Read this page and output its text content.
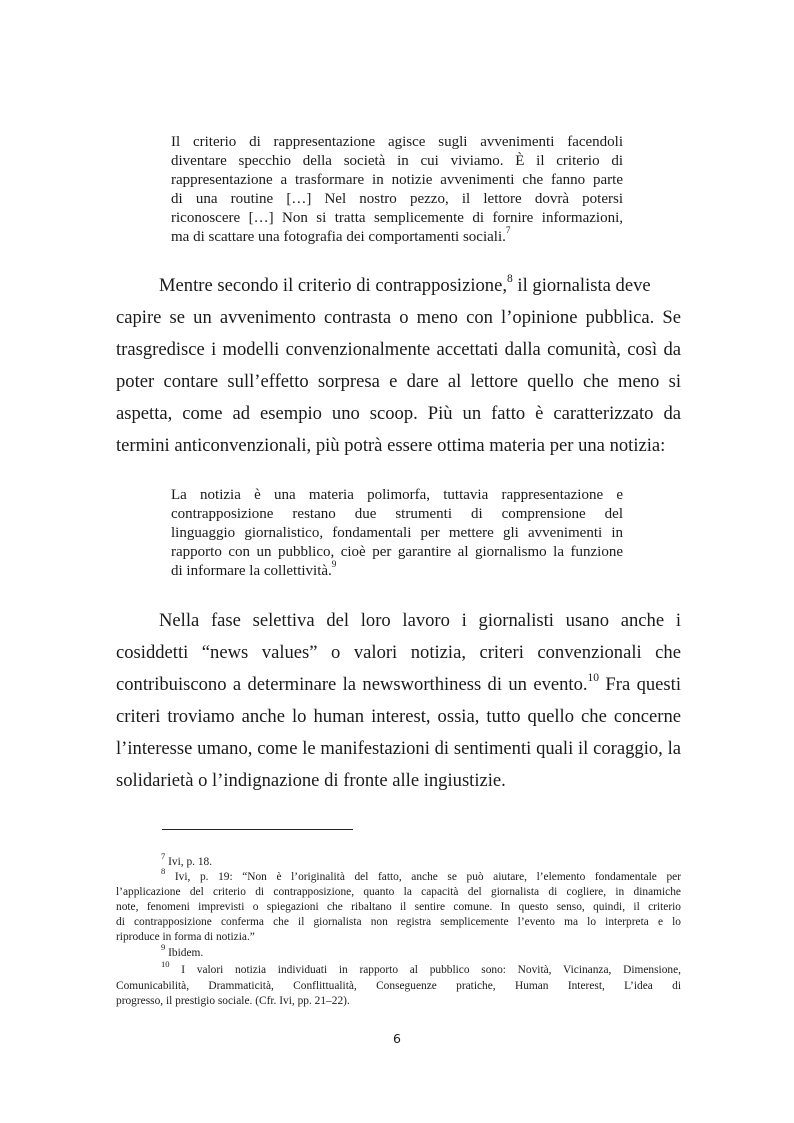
Il criterio di rappresentazione agisce sugli avvenimenti facendoli
diventare specchio della società in cui viviamo. È il criterio di
rappresentazione a trasformare in notizie avvenimenti che fanno parte
di una routine […] Nel nostro pezzo, il lettore dovrà potersi
riconoscere […] Non si tratta semplicemente di fornire informazioni,
ma di scattare una fotografia dei comportamenti sociali.$^7$
Mentre secondo il criterio di contrapposizione,$^8$ il giornalista deve
capire se un avvenimento contrasta o meno con l’opinione pubblica. Se
trasgredisce i modelli convenzionalmente accettati dalla comunità, così da
poter contare sull’effetto sorpresa e dare al lettore quello che meno si
aspetta, come ad esempio uno scoop. Più un fatto è caratterizzato da
termini anticonvenzionali, più potrà essere ottima materia per una notizia:
La notizia è una materia polimorfa, tuttavia rappresentazione e
contrapposizione restano due strumenti di comprensione del
linguaggio giornalistico, fondamentali per mettere gli avvenimenti in
rapporto con un pubblico, cioè per garantire al giornalismo la funzione
di informare la collettività.$^9$
Nella fase selettiva del loro lavoro i giornalisti usano anche i
cosiddetti “news values” o valori notizia, criteri convenzionali che
contribuiscono a determinare la newsworthiness di un evento.$^{10}$ Fra questi
criteri troviamo anche lo human interest, ossia, tutto quello che concerne
l’interesse umano, come le manifestazioni di sentimenti quali il coraggio, la
solidarietà o l’indignazione di fronte alle ingiustizie.
$^7$ Ivi, p. 18.
$^8$ Ivi, p. 19: “Non è l’originalità del fatto, anche se può aiutare, l’elemento fondamentale per
l’applicazione del criterio di contrapposizione, quanto la capacità del giornalista di cogliere, in dinamiche
note, fenomeni imprevisti o spiegazioni che ribaltano il sentire comune. In questo senso, quindi, il criterio
di contrapposizione conferma che il giornalista non registra semplicemente l’evento ma lo interpreta e lo
riproduce in forma di notizia.”
$^9$ Ibidem.
$^{10}$ I valori notizia individuati in rapporto al pubblico sono: Novità, Vicinanza, Dimensione,
Comunicabilità, Drammaticità, Conflittualità, Conseguenze pratiche, Human Interest, L’idea di
progresso, il prestigio sociale. (Cfr. Ivi, pp. 21–22).
6
